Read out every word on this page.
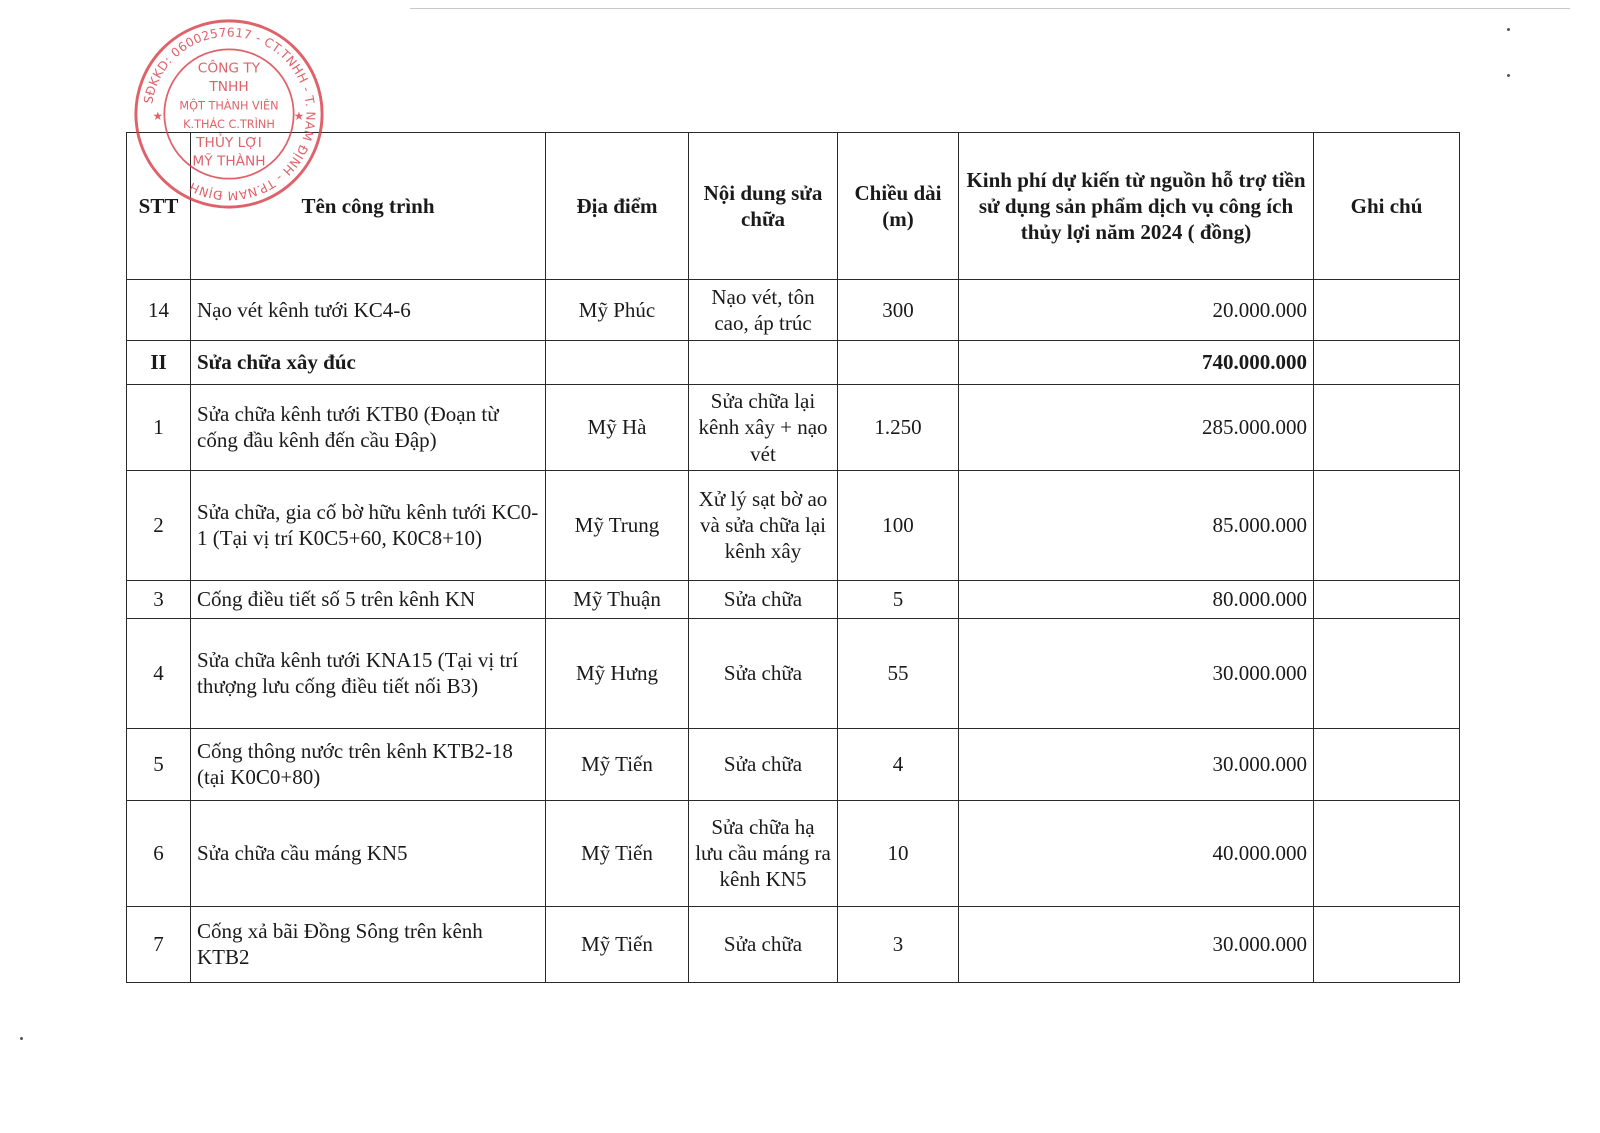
STT	Tên công trình	Địa điểm	Nội dung sửa chữa	Chiều dài (m)	Kinh phí dự kiến từ nguồn hỗ trợ tiền sử dụng sản phẩm dịch vụ công ích thủy lợi năm 2024 ( đồng)	Ghi chú
14	Nạo vét kênh tưới KC4-6	Mỹ Phúc	Nạo vét, tôn cao, áp trúc	300	20.000.000	
II	Sửa chữa xây đúc				740.000.000	
1	Sửa chữa kênh tưới KTB0 (Đoạn từ cống đầu kênh đến cầu Đập)	Mỹ Hà	Sửa chữa lại kênh xây + nạo vét	1.250	285.000.000	
2	Sửa chữa, gia cố bờ hữu kênh tưới KC0-1 (Tại vị trí K0C5+60, K0C8+10)	Mỹ Trung	Xử lý sạt bờ ao và sửa chữa lại kênh xây	100	85.000.000	
3	Cống điều tiết số 5 trên kênh KN	Mỹ Thuận	Sửa chữa	5	80.000.000	
4	Sửa chữa kênh tưới KNA15 (Tại vị trí thượng lưu cống điều tiết nối B3)	Mỹ Hưng	Sửa chữa	55	30.000.000	
5	Cống thông nước trên kênh KTB2-18 (tại K0C0+80)	Mỹ Tiến	Sửa chữa	4	30.000.000	
6	Sửa chữa cầu máng KN5	Mỹ Tiến	Sửa chữa hạ lưu cầu máng ra kênh KN5	10	40.000.000	
7	Cống xả bãi Đồng Sông trên kênh KTB2	Mỹ Tiến	Sửa chữa	3	30.000.000	
SĐKKD: 0600257617 - CT.TNHH - T. NAM ĐỊNH - TP.NAM ĐỊNH
★	★
CÔNG TY
TNHH
MỘT THÀNH VIÊN
K.THÁC C.TRÌNH
THỦY LỢI
MỸ THÀNH
